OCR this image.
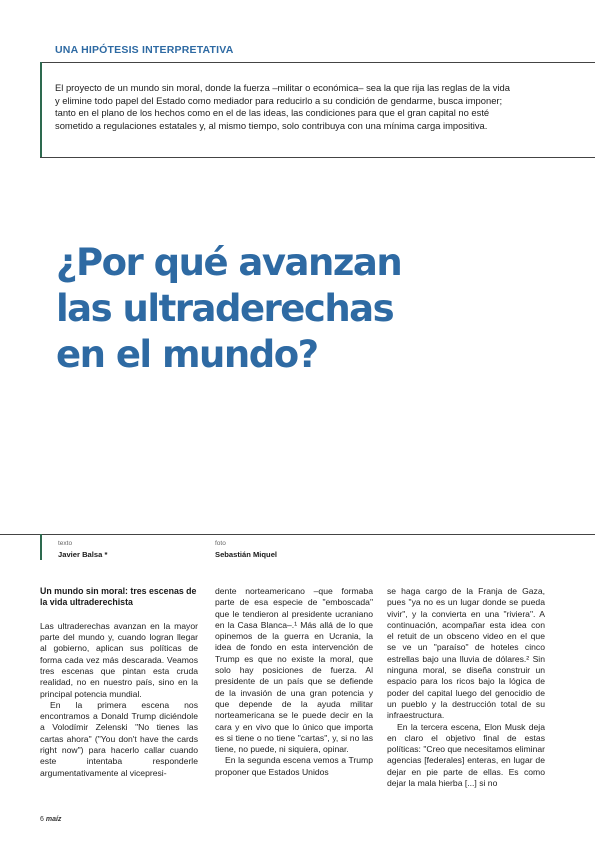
UNA HIPÓTESIS INTERPRETATIVA
El proyecto de un mundo sin moral, donde la fuerza –militar o económica– sea la que rija las reglas de la vida y elimine todo papel del Estado como mediador para reducirlo a su condición de gendarme, busca imponer; tanto en el plano de los hechos como en el de las ideas, las condiciones para que el gran capital no esté sometido a regulaciones estatales y, al mismo tiempo, solo contribuya con una mínima carga impositiva.
¿Por qué avanzan
las ultraderechas
en el mundo?
texto
Javier Balsa *
foto
Sebastián Miquel

Un mundo sin moral: tres escenas de la vida ultraderechista

Las ultraderechas avanzan en la mayor parte del mundo y, cuando logran llegar al gobierno, aplican sus políticas de forma cada vez más descarada. Veamos tres escenas que pintan esta cruda realidad, no en nuestro país, sino en la principal potencia mundial.

En la primera escena nos encontramos a Donald Trump diciéndole a Volodímir Zelenski "No tienes las cartas ahora" ("You don't have the cards right now") para hacerlo callar cuando este intentaba responderle argumentativamente al vicepresi-

dente norteamericano –que formaba parte de esa especie de "emboscada" que le tendieron al presidente ucraniano en la Casa Blanca–.¹ Más allá de lo que opinemos de la guerra en Ucrania, la idea de fondo en esta intervención de Trump es que no existe la moral, que solo hay posiciones de fuerza. Al presidente de un país que se defiende de la invasión de una gran potencia y que depende de la ayuda militar norteamericana se le puede decir en la cara y en vivo que lo único que importa es si tiene o no tiene "cartas", y, si no las tiene, no puede, ni siquiera, opinar.

En la segunda escena vemos a Trump proponer que Estados Unidos

se haga cargo de la Franja de Gaza, pues "ya no es un lugar donde se pueda vivir", y la convierta en una "riviera". A continuación, acompañar esta idea con el retuit de un obsceno video en el que se ve un "paraíso" de hoteles cinco estrellas bajo una lluvia de dólares.² Sin ninguna moral, se diseña construir un espacio para los ricos bajo la lógica de poder del capital luego del genocidio de un pueblo y la destrucción total de su infraestructura.

En la tercera escena, Elon Musk deja en claro el objetivo final de estas políticas: "Creo que necesitamos eliminar agencias [federales] enteras, en lugar de dejar en pie parte de ellas. Es como dejar la mala hierba [...] si no

6 maíz
